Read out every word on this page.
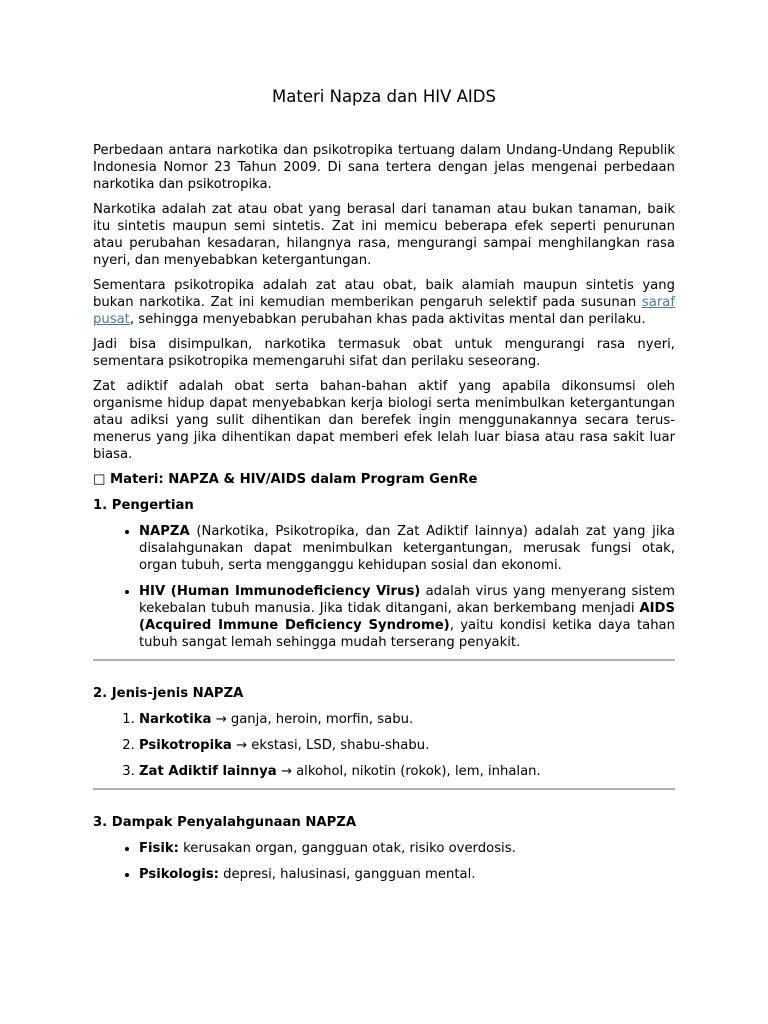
Materi Napza dan HIV AIDS

Perbedaan antara narkotika dan psikotropika tertuang dalam Undang-Undang Republik Indonesia Nomor 23 Tahun 2009. Di sana tertera dengan jelas mengenai perbedaan narkotika dan psikotropika.

Narkotika adalah zat atau obat yang berasal dari tanaman atau bukan tanaman, baik itu sintetis maupun semi sintetis. Zat ini memicu beberapa efek seperti penurunan atau perubahan kesadaran, hilangnya rasa, mengurangi sampai menghilangkan rasa nyeri, dan menyebabkan ketergantungan.

Sementara psikotropika adalah zat atau obat, baik alamiah maupun sintetis yang bukan narkotika. Zat ini kemudian memberikan pengaruh selektif pada susunan saraf pusat, sehingga menyebabkan perubahan khas pada aktivitas mental dan perilaku.

Jadi bisa disimpulkan, narkotika termasuk obat untuk mengurangi rasa nyeri, sementara psikotropika memengaruhi sifat dan perilaku seseorang.

Zat adiktif adalah obat serta bahan-bahan aktif yang apabila dikonsumsi oleh organisme hidup dapat menyebabkan kerja biologi serta menimbulkan ketergantungan atau adiksi yang sulit dihentikan dan berefek ingin menggunakannya secara terus-menerus yang jika dihentikan dapat memberi efek lelah luar biasa atau rasa sakit luar biasa.

□ Materi: NAPZA & HIV/AIDS dalam Program GenRe
1. Pengertian
• NAPZA (Narkotika, Psikotropika, dan Zat Adiktif lainnya) adalah zat yang jika disalahgunakan dapat menimbulkan ketergantungan, merusak fungsi otak, organ tubuh, serta mengganggu kehidupan sosial dan ekonomi.
• HIV (Human Immunodeficiency Virus) adalah virus yang menyerang sistem kekebalan tubuh manusia. Jika tidak ditangani, akan berkembang menjadi AIDS (Acquired Immune Deficiency Syndrome), yaitu kondisi ketika daya tahan tubuh sangat lemah sehingga mudah terserang penyakit.
2. Jenis-jenis NAPZA
1. Narkotika → ganja, heroin, morfin, sabu.
2. Psikotropika → ekstasi, LSD, shabu-shabu.
3. Zat Adiktif lainnya → alkohol, nikotin (rokok), lem, inhalan.
3. Dampak Penyalahgunaan NAPZA
• Fisik: kerusakan organ, gangguan otak, risiko overdosis.
• Psikologis: depresi, halusinasi, gangguan mental.
